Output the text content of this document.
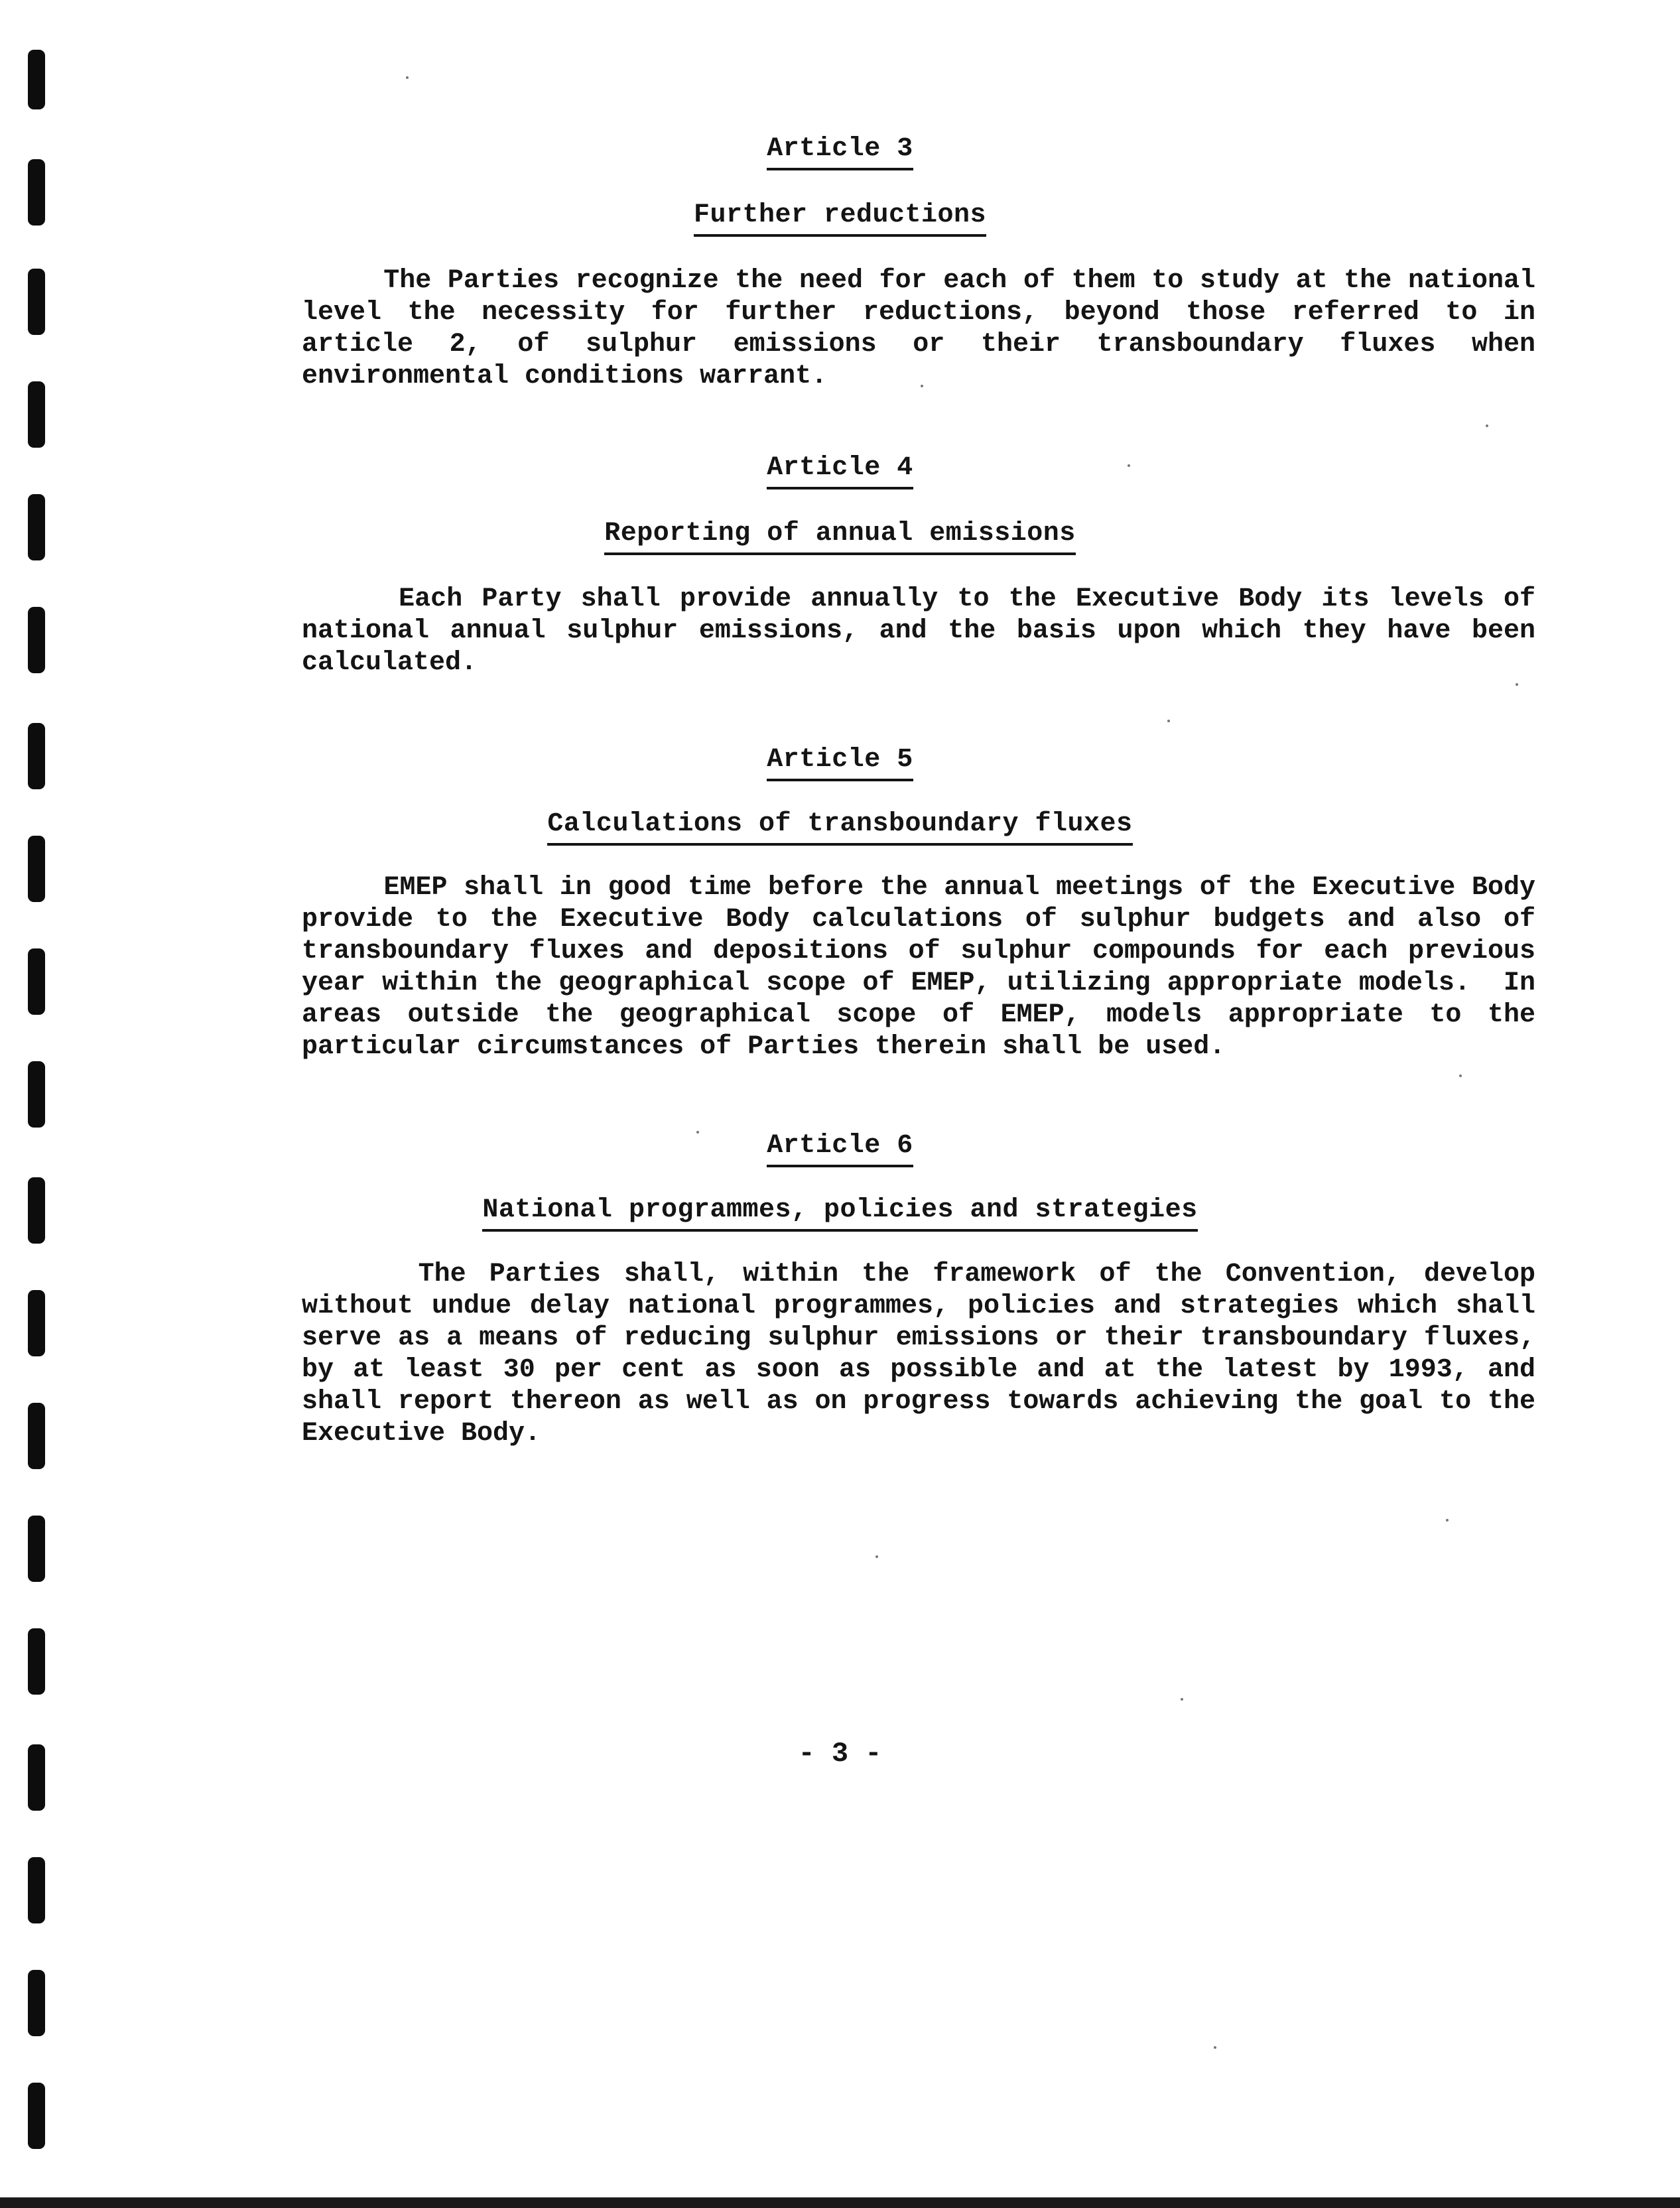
Article 3
Further reductions
The Parties recognize the need for each of them to study at the national
level the necessity for further reductions, beyond those referred to in
article 2, of sulphur emissions or their transboundary fluxes when
environmental conditions warrant.
Article 4
Reporting of annual emissions
Each Party shall provide annually to the Executive Body its levels of
national annual sulphur emissions, and the basis upon which they have been
calculated.
Article 5
Calculations of transboundary fluxes
EMEP shall in good time before the annual meetings of the Executive Body
provide to the Executive Body calculations of sulphur budgets and also of
transboundary fluxes and depositions of sulphur compounds for each previous
year within the geographical scope of EMEP, utilizing appropriate models.  In
areas outside the geographical scope of EMEP, models appropriate to the
particular circumstances of Parties therein shall be used.
Article 6
National programmes, policies and strategies
The Parties shall, within the framework of the Convention, develop
without undue delay national programmes, policies and strategies which shall
serve as a means of reducing sulphur emissions or their transboundary fluxes,
by at least 30 per cent as soon as possible and at the latest by 1993, and
shall report thereon as well as on progress towards achieving the goal to the
Executive Body.
- 3 -
